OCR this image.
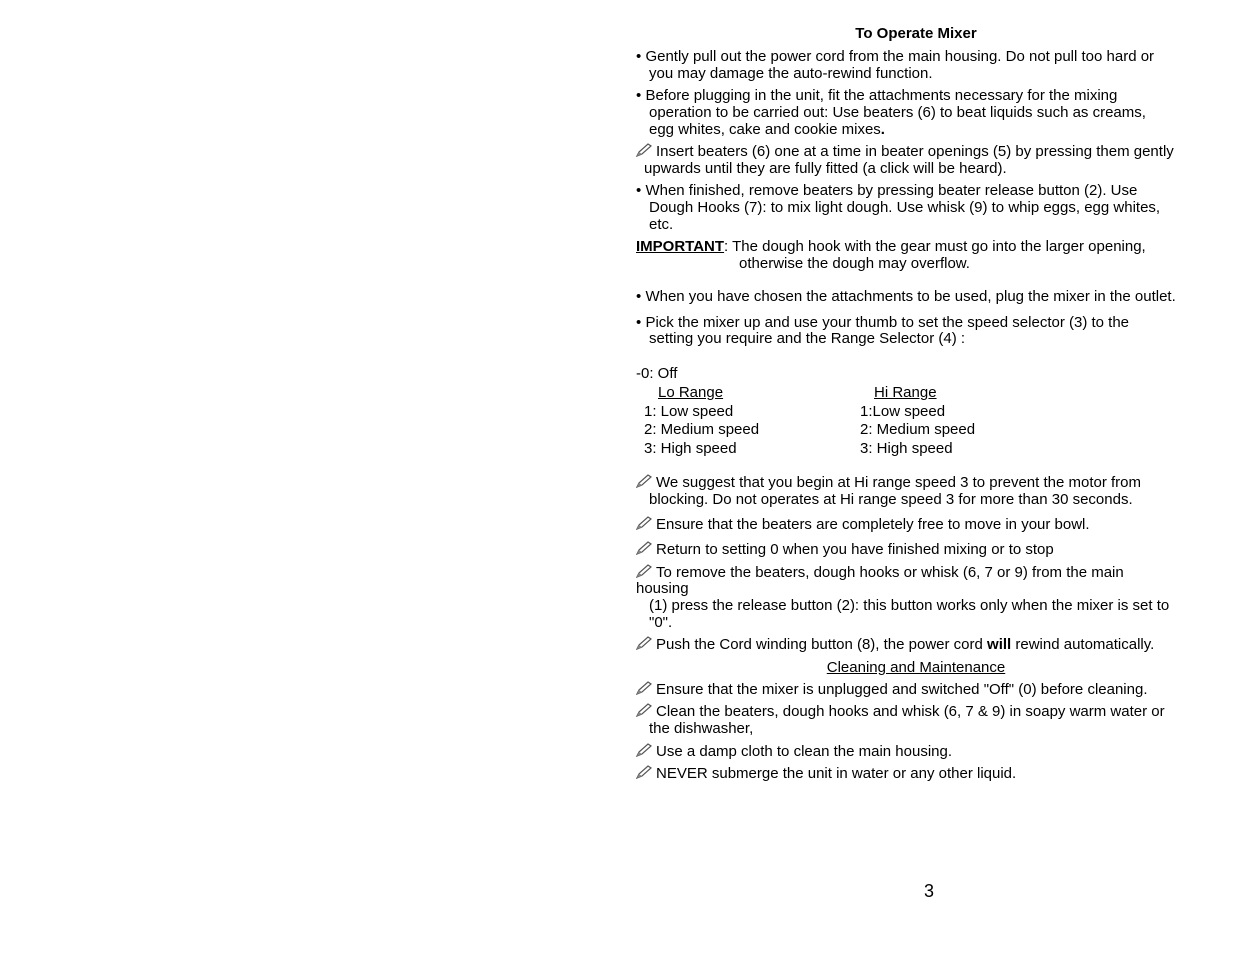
To Operate Mixer
• Gently pull out the power cord from the main housing. Do not pull too hard or
you may damage the auto-rewind function.
• Before plugging in the unit, fit the attachments necessary for the mixing
operation to be carried out: Use beaters (6) to beat liquids such as creams,
egg whites, cake and cookie mixes.
Insert beaters (6) one at a time in beater openings (5) by pressing them gently
upwards until they are fully fitted (a click will be heard).
• When finished, remove beaters by pressing beater release button (2). Use
Dough Hooks (7): to mix light dough. Use whisk (9) to whip eggs, egg whites,
etc.
IMPORTANT: The dough hook with the gear must go into the larger opening,
otherwise the dough may overflow.
• When you have chosen the attachments to be used, plug the mixer in the outlet.
• Pick the mixer up and use your thumb to set the speed selector (3) to the
setting you require and the Range Selector (4) :
-0: Off
Lo Range	Hi Range
1: Low speed
2: Medium speed
3: High speed
1:Low speed
2: Medium speed
3: High speed
We suggest that you begin at Hi range speed 3 to prevent the motor from
blocking. Do not operates at Hi range speed 3 for more than 30 seconds.
Ensure that the beaters are completely free to move in your bowl.
Return to setting 0 when you have finished mixing or to stop
To remove the beaters, dough hooks or whisk (6, 7 or 9) from the main
housing
(1) press the release button (2): this button works only when the mixer is set to
"0".
Push the Cord winding button (8), the power cord will rewind automatically.
Cleaning and Maintenance
Ensure that the mixer is unplugged and switched "Off" (0) before cleaning.
Clean the beaters, dough hooks and whisk (6, 7 & 9) in soapy warm water or
the dishwasher,
Use a damp cloth to clean the main housing.
NEVER submerge the unit in water or any other liquid.
3
